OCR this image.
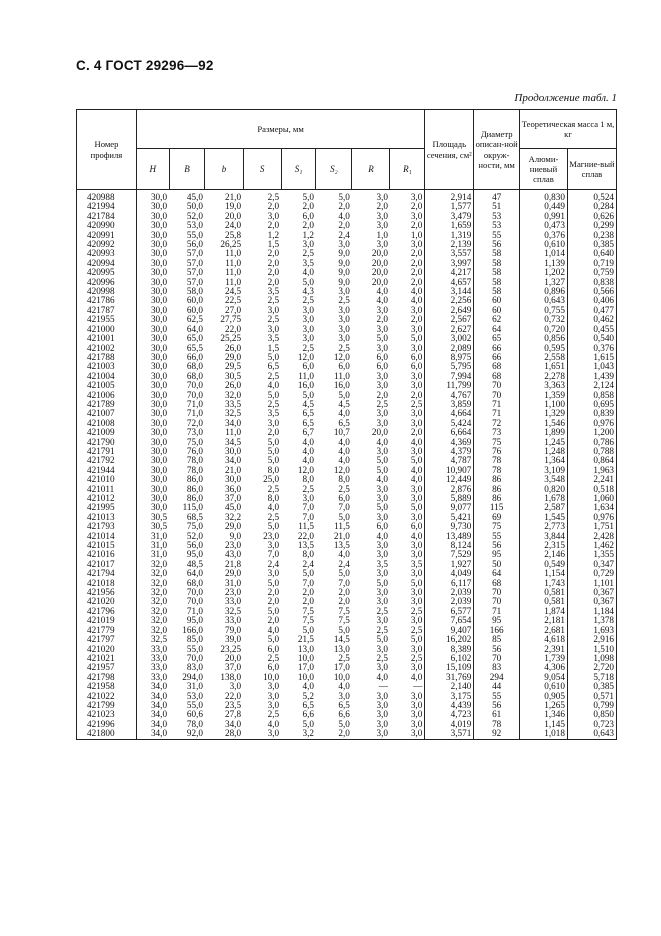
С. 4 ГОСТ 29296—92
Продолжение табл. 1
Номер профиля	Размеры, мм								Площадь сечения, см²	Диаметр описан-ной окруж-ности, мм	Теоретическая масса 1 м, кг	
	H	B	b	S	S₁	S₂	R	R₁			Алюми-ниевый сплав	Магние-вый сплав
420988	30,0	45,0	21,0	2,5	5,0	5,0	3,0	3,0	2,914	47	0,830	0,524
421994	30,0	50,0	19,0	2,0	2,0	2,0	2,0	2,0	1,577	51	0,449	0,284
421784	30,0	52,0	20,0	3,0	6,0	4,0	3,0	3,0	3,479	53	0,991	0,626
420990	30,0	53,0	24,0	2,0	2,0	2,0	3,0	2,0	1,659	53	0,473	0,299
420991	30,0	55,0	25,8	1,2	1,2	2,4	1,0	1,0	1,319	55	0,376	0,238
420992	30,0	56,0	26,25	1,5	3,0	3,0	3,0	3,0	2,139	56	0,610	0,385
420993	30,0	57,0	11,0	2,0	2,5	9,0	20,0	2,0	3,557	58	1,014	0,640
420994	30,0	57,0	11,0	2,0	3,5	9,0	20,0	2,0	3,997	58	1,139	0,719
420995	30,0	57,0	11,0	2,0	4,0	9,0	20,0	2,0	4,217	58	1,202	0,759
420996	30,0	57,0	11,0	2,0	5,0	9,0	20,0	2,0	4,657	58	1,327	0,838
420998	30,0	58,0	24,5	3,5	4,3	3,0	4,0	4,0	3,144	58	0,896	0,566
421786	30,0	60,0	22,5	2,5	2,5	2,5	4,0	4,0	2,256	60	0,643	0,406
421787	30,0	60,0	27,0	3,0	3,0	3,0	3,0	3,0	2,649	60	0,755	0,477
421955	30,0	62,5	27,75	2,5	3,0	3,0	2,0	2,0	2,567	62	0,732	0,462
421000	30,0	64,0	22,0	3,0	3,0	3,0	3,0	3,0	2,627	64	0,720	0,455
421001	30,0	65,0	25,25	3,5	3,0	3,0	5,0	5,0	3,002	65	0,856	0,540
421002	30,0	65,5	26,0	1,5	2,5	2,5	3,0	3,0	2,089	66	0,595	0,376
421788	30,0	66,0	29,0	5,0	12,0	12,0	6,0	6,0	8,975	66	2,558	1,615
421003	30,0	68,0	29,5	6,5	6,0	6,0	6,0	6,0	5,795	68	1,651	1,043
421004	30,0	68,0	30,5	2,5	11,0	11,0	3,0	3,0	7,994	68	2,278	1,439
421005	30,0	70,0	26,0	4,0	16,0	16,0	3,0	3,0	11,799	70	3,363	2,124
421006	30,0	70,0	32,0	5,0	5,0	5,0	2,0	2,0	4,767	70	1,359	0,858
421789	30,0	71,0	33,5	2,5	4,5	4,5	2,5	2,5	3,859	71	1,100	0,695
421007	30,0	71,0	32,5	3,5	6,5	4,0	3,0	3,0	4,664	71	1,329	0,839
421008	30,0	72,0	34,0	3,0	6,5	6,5	3,0	3,0	5,424	72	1,546	0,976
421009	30,0	73,0	11,0	2,0	6,7	10,7	20,0	2,0	6,664	73	1,899	1,200
421790	30,0	75,0	34,5	5,0	4,0	4,0	4,0	4,0	4,369	75	1,245	0,786
421791	30,0	76,0	30,0	5,0	4,0	4,0	3,0	3,0	4,379	76	1,248	0,788
421792	30,0	78,0	34,0	5,0	4,0	4,0	5,0	5,0	4,787	78	1,364	0,864
421944	30,0	78,0	21,0	8,0	12,0	12,0	5,0	4,0	10,907	78	3,109	1,963
421010	30,0	86,0	30,0	25,0	8,0	8,0	4,0	4,0	12,449	86	3,548	2,241
421011	30,0	86,0	36,0	2,5	2,5	2,5	3,0	3,0	2,876	86	0,820	0,518
421012	30,0	86,0	37,0	8,0	3,0	6,0	3,0	3,0	5,889	86	1,678	1,060
421995	30,0	115,0	45,0	4,0	7,0	7,0	5,0	5,0	9,077	115	2,587	1,634
421013	30,5	68,5	32,2	2,5	7,0	5,0	3,0	3,0	5,421	69	1,545	0,976
421793	30,5	75,0	29,0	5,0	11,5	11,5	6,0	6,0	9,730	75	2,773	1,751
421014	31,0	52,0	9,0	23,0	22,0	21,0	4,0	4,0	13,489	55	3,844	2,428
421015	31,0	56,0	23,0	3,0	13,5	13,5	3,0	3,0	8,124	56	2,315	1,462
421016	31,0	95,0	43,0	7,0	8,0	4,0	3,0	3,0	7,529	95	2,146	1,355
421017	32,0	48,5	21,8	2,4	2,4	2,4	3,5	3,5	1,927	50	0,549	0,347
421794	32,0	64,0	29,0	3,0	5,0	5,0	3,0	3,0	4,049	64	1,154	0,729
421018	32,0	68,0	31,0	5,0	7,0	7,0	5,0	5,0	6,117	68	1,743	1,101
421956	32,0	70,0	23,0	2,0	2,0	2,0	3,0	3,0	2,039	70	0,581	0,367
421020	32,0	70,0	33,0	2,0	2,0	2,0	3,0	3,0	2,039	70	0,581	0,367
421796	32,0	71,0	32,5	5,0	7,5	7,5	2,5	2,5	6,577	71	1,874	1,184
421019	32,0	95,0	33,0	2,0	7,5	7,5	3,0	3,0	7,654	95	2,181	1,378
421779	32,0	166,0	79,0	4,0	5,0	5,0	2,5	2,5	9,407	166	2,681	1,693
421797	32,5	85,0	39,0	5,0	21,5	14,5	5,0	5,0	16,202	85	4,618	2,916
421020	33,0	55,0	23,25	6,0	13,0	13,0	3,0	3,0	8,389	56	2,391	1,510
421021	33,0	70,0	20,0	2,5	10,0	2,5	2,5	2,5	6,102	70	1,739	1,098
421957	33,0	83,0	37,0	6,0	17,0	17,0	3,0	3,0	15,109	83	4,306	2,720
421798	33,0	294,0	138,0	10,0	10,0	10,0	4,0	4,0	31,769	294	9,054	5,718
421958	34,0	31,0	3,0	3,0	4,0	4,0	—	—	2,140	44	0,610	0,385
421022	34,0	53,0	22,0	3,0	5,2	3,0	3,0	3,0	3,175	55	0,905	0,571
421799	34,0	55,0	23,5	3,0	6,5	6,5	3,0	3,0	4,439	56	1,265	0,799
421023	34,0	60,6	27,8	2,5	6,6	6,6	3,0	3,0	4,723	61	1,346	0,850
421996	34,0	78,0	34,0	4,0	5,0	5,0	3,0	3,0	4,019	78	1,145	0,723
421800	34,0	92,0	28,0	3,0	3,2	2,0	3,0	3,0	3,571	92	1,018	0,643
